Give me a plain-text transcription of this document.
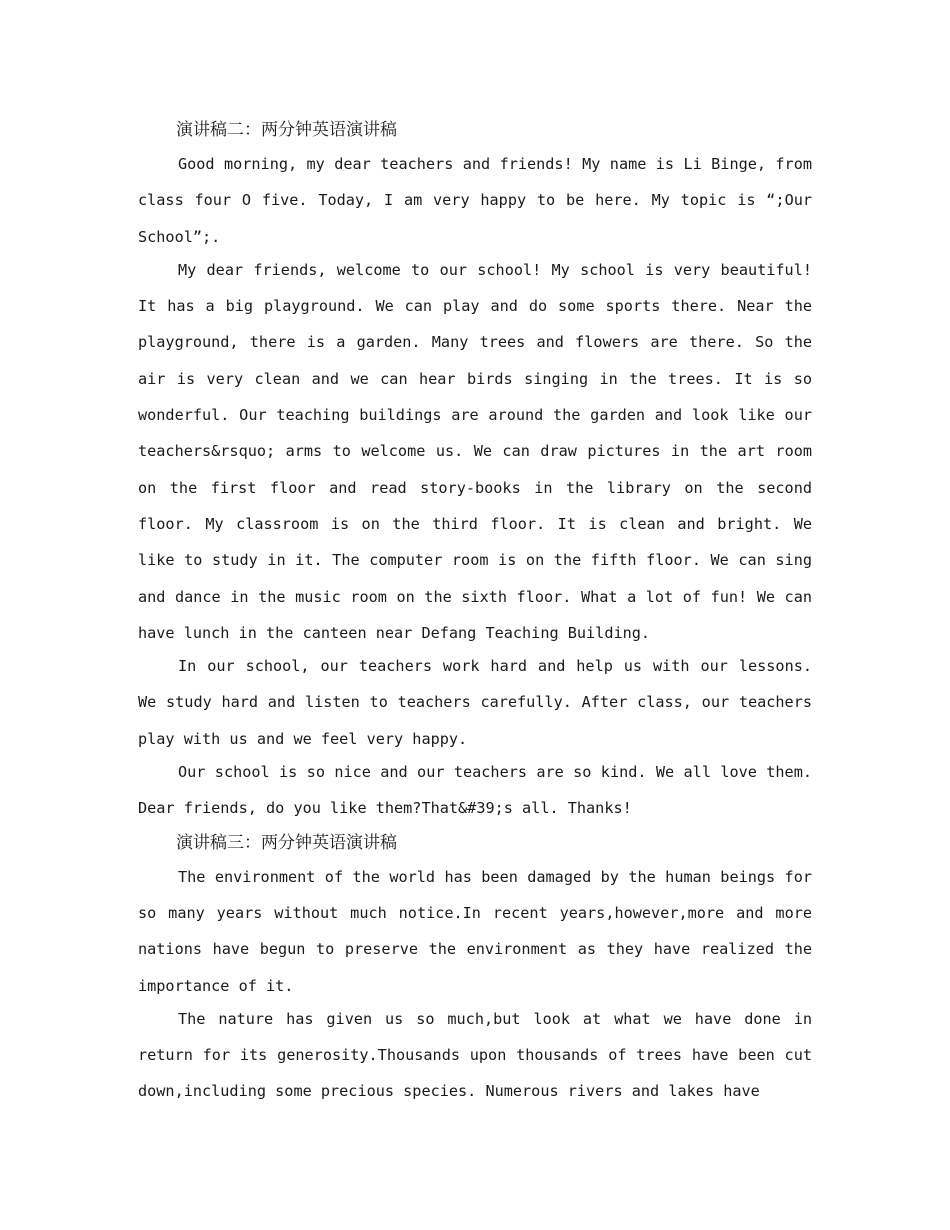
演讲稿二：两分钟英语演讲稿

Good morning, my dear teachers and friends! My name is Li Binge, from class four O five. Today, I am very happy to be here. My topic is “;Our School”;.

My dear friends, welcome to our school! My school is very beautiful! It has a big playground. We can play and do some sports there. Near the playground, there is a garden. Many trees and flowers are there. So the air is very clean and we can hear birds singing in the trees. It is so wonderful. Our teaching buildings are around the garden and look like our teachers&rsquo; arms to welcome us. We can draw pictures in the art room on the first floor and read story-books in the library on the second floor. My classroom is on the third floor. It is clean and bright. We like to study in it. The computer room is on the fifth floor. We can sing and dance in the music room on the sixth floor. What a lot of fun! We can have lunch in the canteen near Defang Teaching Building.

In our school, our teachers work hard and help us with our lessons. We study hard and listen to teachers carefully. After class, our teachers play with us and we feel very happy.

Our school is so nice and our teachers are so kind. We all love them. Dear friends, do you like them?That&#39;s all. Thanks!

演讲稿三：两分钟英语演讲稿

The environment of the world has been damaged by the human beings for so many years without much notice.In recent years,however,more and more nations have begun to preserve the environment as they have realized the importance of it.

The nature has given us so much,but look at what we have done in return for its generosity.Thousands upon thousands of trees have been cut down,including some precious species. Numerous rivers and lakes have
